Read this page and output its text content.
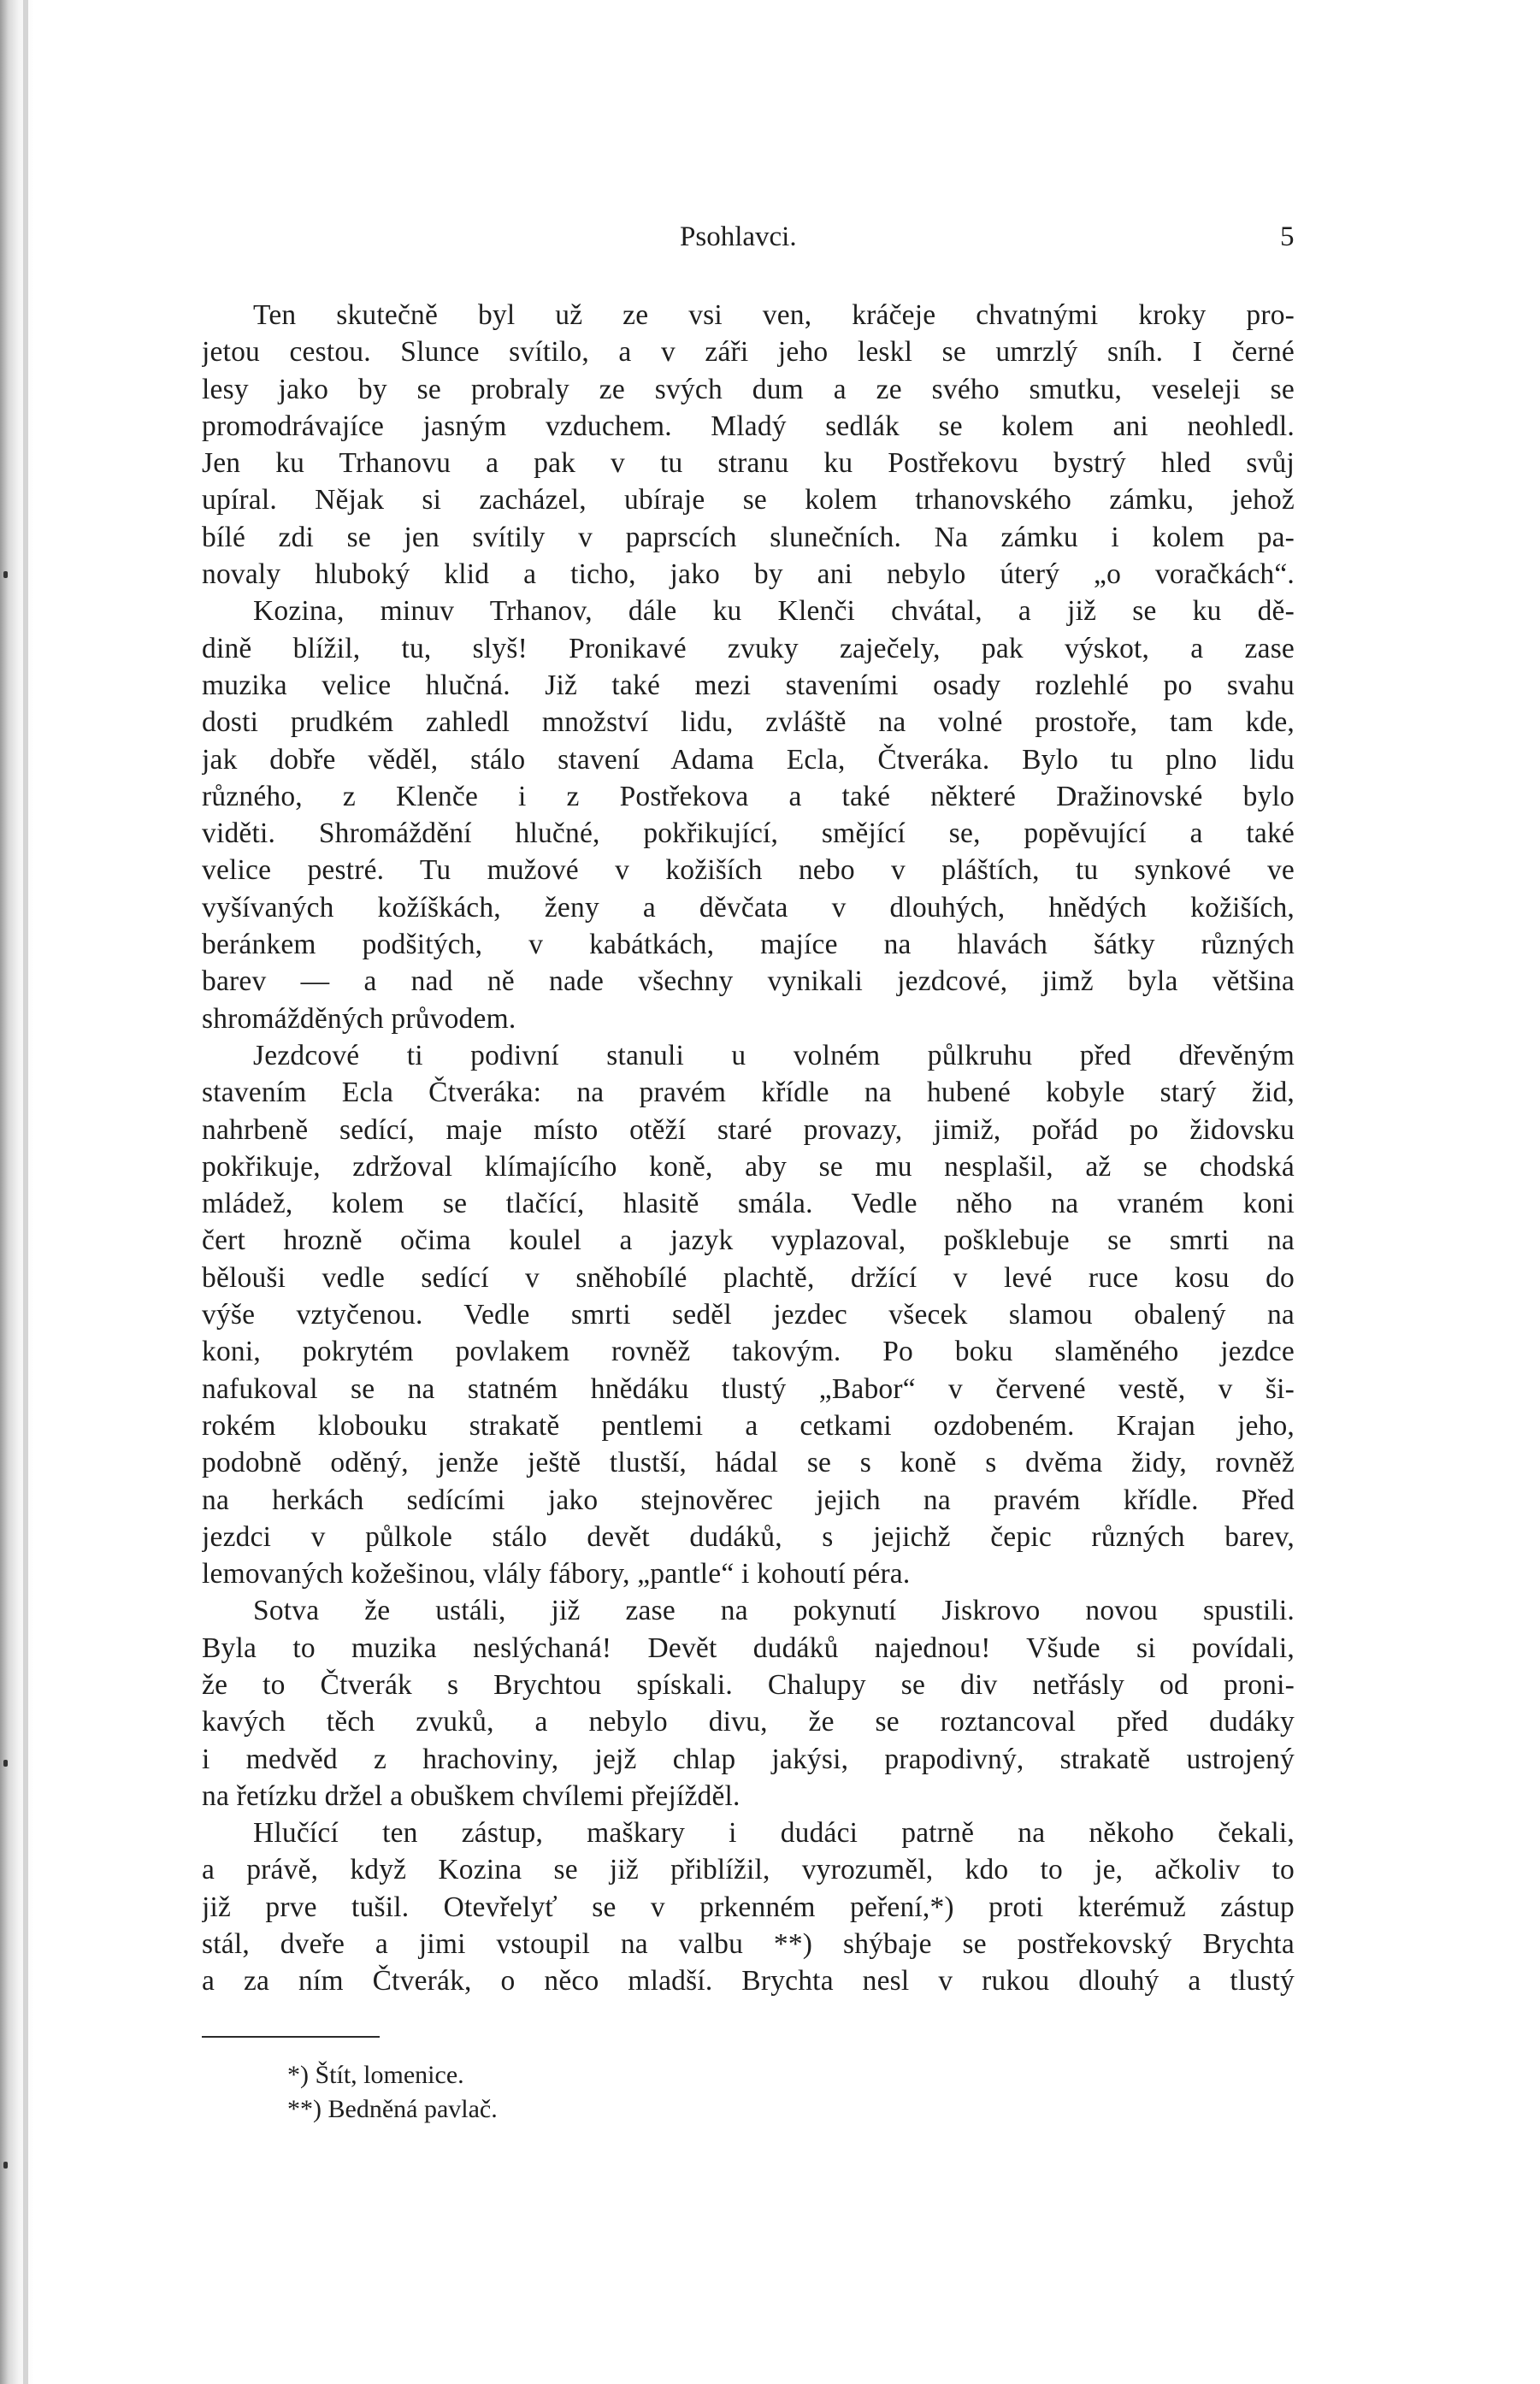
Psohlavci.	5
Ten skutečně byl už ze vsi ven, kráčeje chvatnými kroky pro-
jetou cestou. Slunce svítilo, a v záři jeho leskl se umrzlý sníh. I černé
lesy jako by se probraly ze svých dum a ze svého smutku, veseleji se
promodrávajíce jasným vzduchem. Mladý sedlák se kolem ani neohledl.
Jen ku Trhanovu a pak v tu stranu ku Postřekovu bystrý hled svůj
upíral. Nějak si zacházel, ubíraje se kolem trhanovského zámku, jehož
bílé zdi se jen svítily v paprscích slunečních. Na zámku i kolem pa-
novaly hluboký klid a ticho, jako by ani nebylo úterý „o voračkách“.
Kozina, minuv Trhanov, dále ku Klenči chvátal, a již se ku dě-
dině blížil, tu, slyš! Pronikavé zvuky zaječely, pak výskot, a zase
muzika velice hlučná. Již také mezi staveními osady rozlehlé po svahu
dosti prudkém zahledl množství lidu, zvláště na volné prostoře, tam kde,
jak dobře věděl, stálo stavení Adama Ecla, Čtveráka. Bylo tu plno lidu
různého, z Klenče i z Postřekova a také některé Dražinovské bylo
viděti. Shromáždění hlučné, pokřikující, smějící se, popěvující a také
velice pestré. Tu mužové v kožiších nebo v pláštích, tu synkové ve
vyšívaných kožíškách, ženy a děvčata v dlouhých, hnědých kožiších,
beránkem podšitých, v kabátkách, majíce na hlavách šátky různých
barev — a nad ně nade všechny vynikali jezdcové, jimž byla většina
shromážděných průvodem.
Jezdcové ti podivní stanuli u volném půlkruhu před dřevěným
stavením Ecla Čtveráka: na pravém křídle na hubené kobyle starý žid,
nahrbeně sedící, maje místo otěží staré provazy, jimiž, pořád po židovsku
pokřikuje, zdržoval klímajícího koně, aby se mu nesplašil, až se chodská
mládež, kolem se tlačící, hlasitě smála. Vedle něho na vraném koni
čert hrozně očima koulel a jazyk vyplazoval, pošklebuje se smrti na
bělouši vedle sedící v sněhobílé plachtě, držící v levé ruce kosu do
výše vztyčenou. Vedle smrti seděl jezdec všecek slamou obalený na
koni, pokrytém povlakem rovněž takovým. Po boku slaměného jezdce
nafukoval se na statném hnědáku tlustý „Babor“ v červené vestě, v ši-
rokém klobouku strakatě pentlemi a cetkami ozdobeném. Krajan jeho,
podobně oděný, jenže ještě tlustší, hádal se s koně s dvěma židy, rovněž
na herkách sedícími jako stejnověrec jejich na pravém křídle. Před
jezdci v půlkole stálo devět dudáků, s jejichž čepic různých barev,
lemovaných kožešinou, vlály fábory, „pantle“ i kohoutí péra.
Sotva že ustáli, již zase na pokynutí Jiskrovo novou spustili.
Byla to muzika neslýchaná! Devět dudáků najednou! Všude si povídali,
že to Čtverák s Brychtou spískali. Chalupy se div netřásly od proni-
kavých těch zvuků, a nebylo divu, že se roztancoval před dudáky
i medvěd z hrachoviny, jejž chlap jakýsi, prapodivný, strakatě ustrojený
na řetízku držel a obuškem chvílemi přejížděl.
Hlučící ten zástup, maškary i dudáci patrně na někoho čekali,
a právě, když Kozina se již přiblížil, vyrozuměl, kdo to je, ačkoliv to
již prve tušil. Otevřelyť se v prkenném peření,*) proti kterémuž zástup
stál, dveře a jimi vstoupil na valbu **) shýbaje se postřekovský Brychta
a za ním Čtverák, o něco mladší. Brychta nesl v rukou dlouhý a tlustý
*) Štít, lomenice.
**) Bedněná pavlač.
